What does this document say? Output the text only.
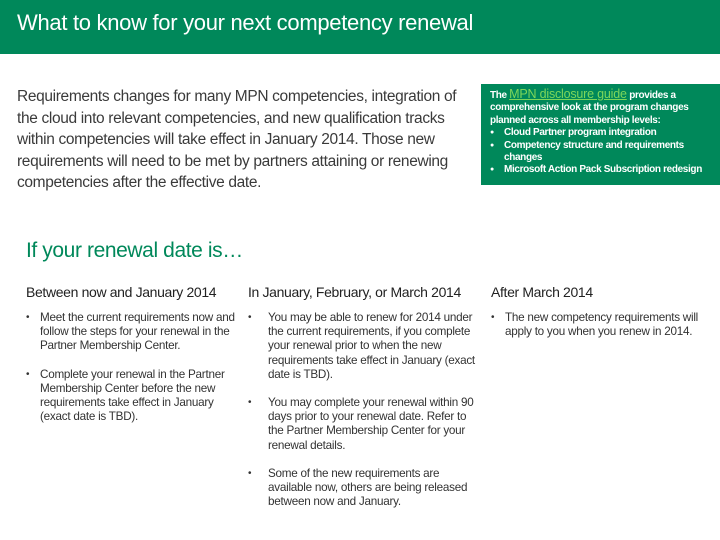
What to know for your next competency renewal
Requirements changes for many MPN competencies, integration of the cloud into relevant competencies, and new qualification tracks within competencies will take effect in January 2014. Those new requirements will need to be met by partners attaining or renewing competencies after the effective date.
The MPN disclosure guide provides a comprehensive look at the program changes planned across all membership levels:
● Cloud Partner program integration
● Competency structure and requirements changes
● Microsoft Action Pack Subscription redesign
If your renewal date is…
Between now and January 2014
• Meet the current requirements now and follow the steps for your renewal in the Partner Membership Center.
• Complete your renewal in the Partner Membership Center before the new requirements take effect in January (exact date is TBD).
In January, February, or March 2014
• You may be able to renew for 2014 under the current requirements, if you complete your renewal prior to when the new requirements take effect in January (exact date is TBD).
• You may complete your renewal within 90 days prior to your renewal date. Refer to the Partner Membership Center for your renewal details.
• Some of the new requirements are available now, others are being released between now and January.
After March 2014
• The new competency requirements will apply to you when you renew in 2014.
